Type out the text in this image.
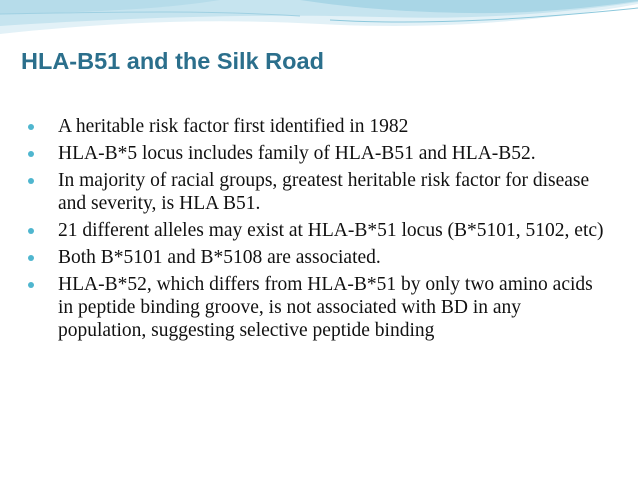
HLA-B51 and the Silk Road
A heritable risk factor first identified in 1982
HLA-B*5 locus includes family of HLA-B51 and HLA-B52.
In majority of racial groups, greatest heritable risk factor for disease and severity, is HLA B51.
21 different alleles may exist at HLA-B*51 locus (B*5101, 5102, etc)
Both B*5101 and B*5108 are associated.
HLA-B*52, which differs from HLA-B*51 by only two amino acids in peptide binding groove, is not associated with BD in any population, suggesting selective peptide binding
